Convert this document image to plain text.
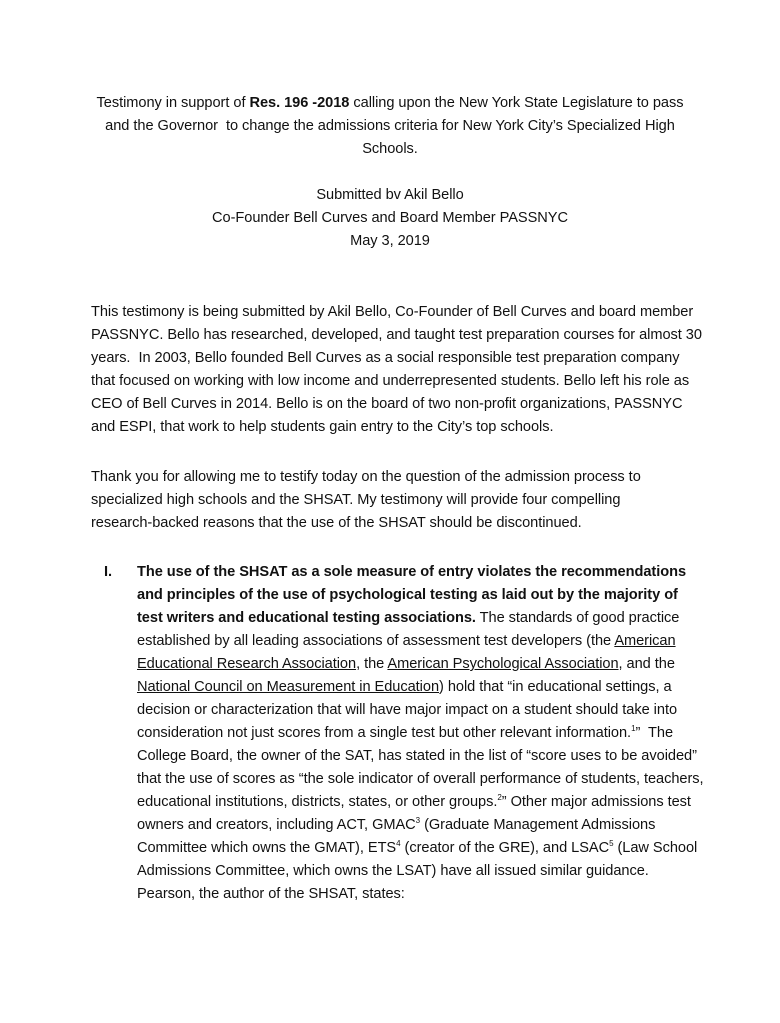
Testimony in support of Res. 196 -2018 calling upon the New York State Legislature to pass
and the Governor  to change the admissions criteria for New York City’s Specialized High
Schools.
Submitted bv Akil Bello
Co-Founder Bell Curves and Board Member PASSNYC
May 3, 2019
This testimony is being submitted by Akil Bello, Co-Founder of Bell Curves and board member
PASSNYC. Bello has researched, developed, and taught test preparation courses for almost 30
years.  In 2003, Bello founded Bell Curves as a social responsible test preparation company
that focused on working with low income and underrepresented students. Bello left his role as
CEO of Bell Curves in 2014. Bello is on the board of two non-profit organizations, PASSNYC
and ESPI, that work to help students gain entry to the City’s top schools.
Thank you for allowing me to testify today on the question of the admission process to
specialized high schools and the SHSAT. My testimony will provide four compelling
research-backed reasons that the use of the SHSAT should be discontinued.
I. The use of the SHSAT as a sole measure of entry violates the recommendations
and principles of the use of psychological testing as laid out by the majority of
test writers and educational testing associations. The standards of good practice
established by all leading associations of assessment test developers (the American
Educational Research Association, the American Psychological Association, and the
National Council on Measurement in Education) hold that “in educational settings, a
decision or characterization that will have major impact on a student should take into
consideration not just scores from a single test but other relevant information.$^1$”  The
College Board, the owner of the SAT, has stated in the list of “score uses to be avoided”
that the use of scores as “the sole indicator of overall performance of students, teachers,
educational institutions, districts, states, or other groups.$^2$” Other major admissions test
owners and creators, including ACT, GMAC$^3$ (Graduate Management Admissions
Committee which owns the GMAT), ETS$^4$ (creator of the GRE), and LSAC$^5$ (Law School
Admissions Committee, which owns the LSAT) have all issued similar guidance.
Pearson, the author of the SHSAT, states:
